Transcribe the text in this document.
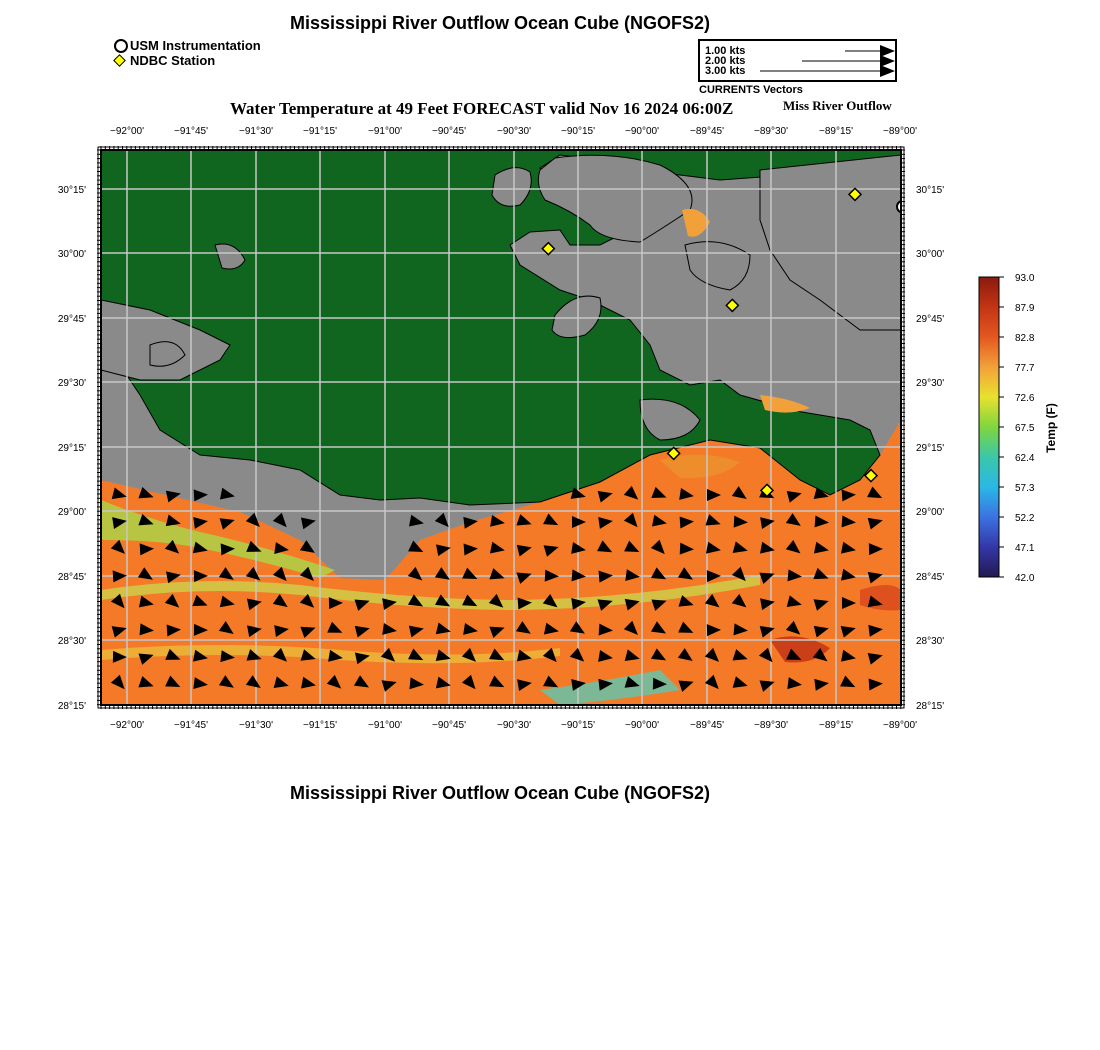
−92°00'	−91°45'	−91°30'	−91°15'	−91°00'	−90°45'	−90°30'	−90°15'	−90°00'	−89°45'	−89°30'	−89°15'	−89°00'
−92°00'	−91°45'	−91°30'	−91°15'	−91°00'	−90°45'	−90°30'	−90°15'	−90°00'	−89°45'	−89°30'	−89°15'	−89°00'
30°15'
30°00'
29°45'
29°30'
29°15'
29°00'
28°45'
28°30'
28°15'
30°15'
30°00'
29°45'
29°30'
29°15'
29°00'
28°45'
28°30'
28°15'
93.0
87.9
82.8
77.7
72.6
67.5
62.4
57.3
52.2
47.1
42.0
Temp (F)
Mississippi River Outflow Ocean Cube (NGOFS2)
USM Instrumentation
NDBC Station
1.00 kts
2.00 kts
3.00 kts
CURRENTS Vectors
Water Temperature at 49 Feet FORECAST valid Nov 16 2024 06:00Z	Miss River Outflow
Mississippi River Outflow Ocean Cube (NGOFS2)
